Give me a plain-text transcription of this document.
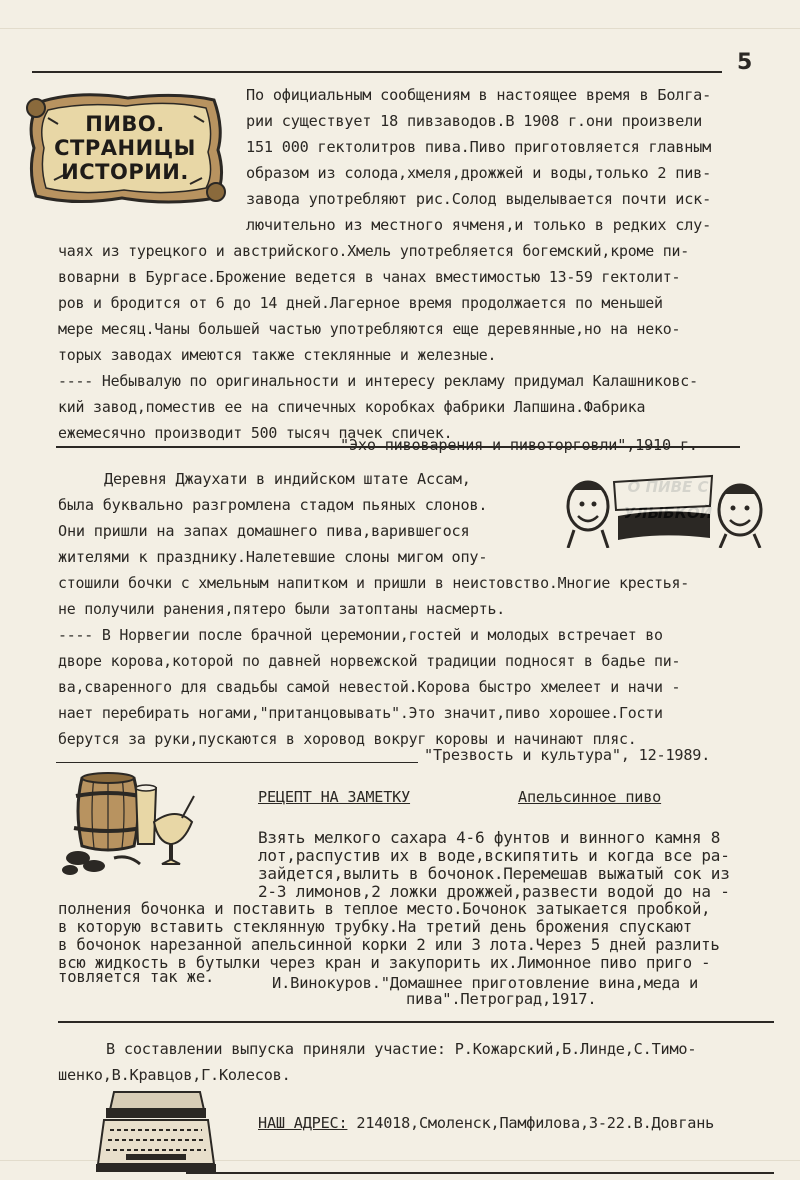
5
ПИВО. СТРАНИЦЫ ИСТОРИИ.
По официальным сообщениям в настоящее время в Болга-
рии существует 18 пивзаводов.В 1908 г.они произвели
151 000 гектолитров пива.Пиво приготовляется главным
образом из солода,хмеля,дрожжей и воды,только 2 пив-
завода употребляют рис.Солод выделывается почти иск-
лючительно из местного ячменя,и только в редких слу-
чаях из турецкого и австрийского.Хмель употребляется богемский,кроме пи-
воварни в Бургасе.Брожение ведется в чанах вместимостью 13-59 гектолит-
ров и бродится от 6 до 14 дней.Лагерное время продолжается по меньшей
мере месяц.Чаны большей частью употребляются еще деревянные,но на неко-
торых заводах имеются также стеклянные и железные.
---- Небывалую по оригинальности и интересу рекламу придумал Калашниковс-
кий завод,поместив ее на спичечных коробках фабрики Лапшина.Фабрика
ежемесячно производит 500 тысяч пачек спичек.
"Эхо пивоварения и пивоторговли",1910 г.
О ПИВЕ С УЛЫБКОЙ
Деревня Джаухати в индийском штате Ассам,
была буквально разгромлена стадом пьяных слонов.
Они пришли на запах домашнего пива,варившегося
жителями к празднику.Налетевшие слоны мигом опу-
стошили бочки с хмельным напитком и пришли в неистовство.Многие крестья-
не получили ранения,пятеро были затоптаны насмерть.
---- В Норвегии после брачной церемонии,гостей и молодых встречает во
дворе корова,которой по давней норвежской традиции подносят в бадье пи-
ва,сваренного для свадьбы самой невестой.Корова быстро хмелеет и начи -
нает перебирать ногами,"пританцовывать".Это значит,пиво хорошее.Гости
берутся за руки,пускаются в хоровод вокруг коровы и начинают пляс.
"Трезвость и культура", 12-1989.
РЕЦЕПТ НА ЗАМЕТКУ	Апельсинное пиво
Взять мелкого сахара 4-6 фунтов и винного камня 8
лот,распустив их в воде,вскипятить и когда все ра-
зайдется,вылить в бочонок.Перемешав выжатый сок из
2-3 лимонов,2 ложки дрожжей,развести водой до на -
полнения бочонка и поставить в теплое место.Бочонок затыкается пробкой,
в которую вставить стеклянную трубку.На третий день брожения спускают
в бочонок нарезанной апельсинной корки 2 или 3 лота.Через 5 дней разлить
всю жидкость в бутылки через кран и закупорить их.Лимонное пиво приго -
товляется так же.	И.Винокуров."Домашнее приготовление вина,меда и
пива".Петроград,1917.
В составлении выпуска приняли участие: Р.Кожарский,Б.Линде,С.Тимо-
шенко,В.Кравцов,Г.Колесов.
НАШ АДРЕС: 214018,Смоленск,Памфилова,3-22.В.Довгань
